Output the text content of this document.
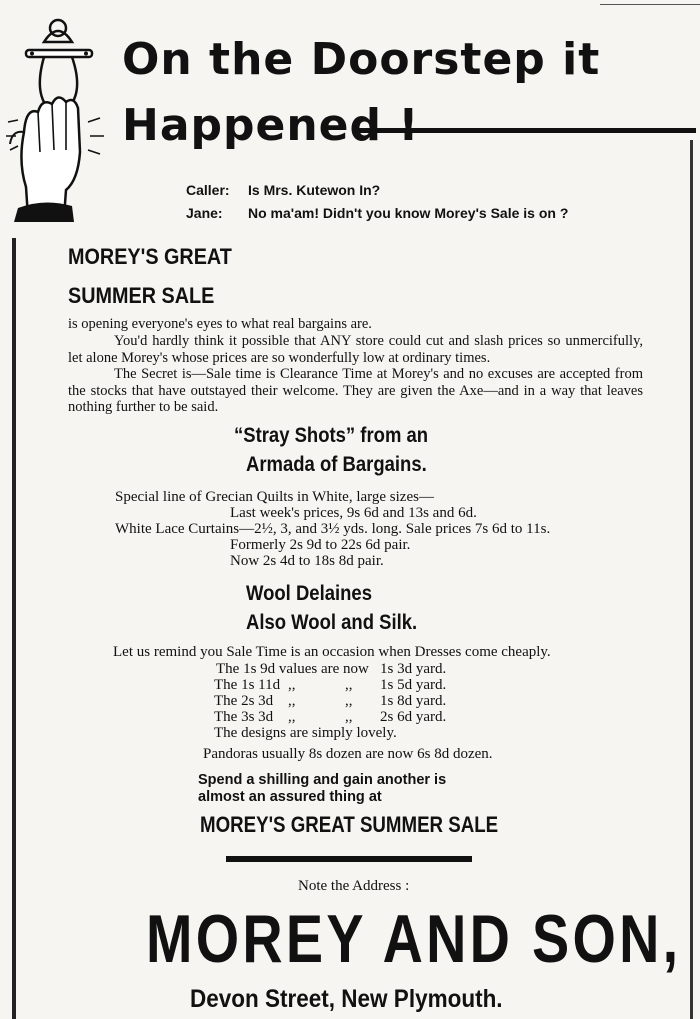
On the Doorstep it
Happened !
Caller: Is Mrs. Kutewon In?
Jane: No ma'am! Didn't you know Morey's Sale is on ?
MOREY'S GREAT
SUMMER SALE
is opening everyone's eyes to what real bargains are.
You'd hardly think it possible that ANY store could cut and slash prices so unmercifully, let alone Morey's whose prices are so wonderfully low at ordinary times.
The Secret is—Sale time is Clearance Time at Morey's and no excuses are accepted from the stocks that have outstayed their welcome. They are given the Axe—and in a way that leaves nothing further to be said.
“Stray Shots” from an
Armada of Bargains.
Special line of Grecian Quilts in White, large sizes—
Last week's prices, 9s 6d and 13s and 6d.
White Lace Curtains—2½, 3, and 3½ yds. long. Sale prices 7s 6d to 11s.
Formerly 2s 9d to 22s 6d pair.
Now 2s 4d to 18s 8d pair.
Wool Delaines
Also Wool and Silk.
Let us remind you Sale Time is an occasion when Dresses come cheaply.
The 1s 9d values are now 1s 3d yard.
The 1s 11d ,,	,, 1s 5d yard.
The 2s 3d ,,	,, 1s 8d yard.
The 3s 3d ,,	,, 2s 6d yard.
The designs are simply lovely.
Pandoras usually 8s dozen are now 6s 8d dozen.
Spend a shilling and gain another is
almost an assured thing at
MOREY'S GREAT SUMMER SALE
Note the Address :
MOREY AND SON,
Devon Street, New Plymouth.
